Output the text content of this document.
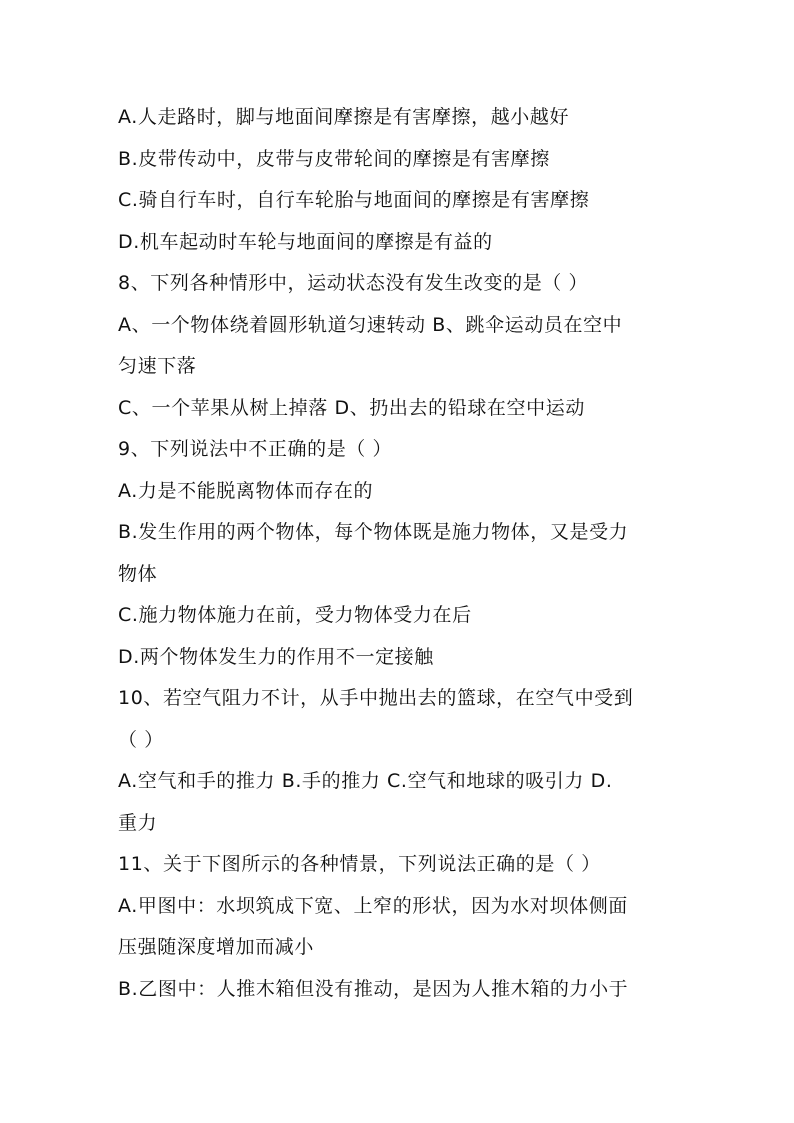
A.人走路时，脚与地面间摩擦是有害摩擦，越小越好
B.皮带传动中，皮带与皮带轮间的摩擦是有害摩擦
C.骑自行车时，自行车轮胎与地面间的摩擦是有害摩擦
D.机车起动时车轮与地面间的摩擦是有益的
8、下列各种情形中，运动状态没有发生改变的是（ ）
A、一个物体绕着圆形轨道匀速转动 B、跳伞运动员在空中
匀速下落
C、一个苹果从树上掉落 D、扔出去的铅球在空中运动
9、下列说法中不正确的是（ ）
A.力是不能脱离物体而存在的
B.发生作用的两个物体，每个物体既是施力物体，又是受力
物体
C.施力物体施力在前，受力物体受力在后
D.两个物体发生力的作用不一定接触
10、若空气阻力不计，从手中抛出去的篮球，在空气中受到
（ ）
A.空气和手的推力 B.手的推力 C.空气和地球的吸引力 D.
重力
11、关于下图所示的各种情景，下列说法正确的是（ ）
A.甲图中：水坝筑成下宽、上窄的形状，因为水对坝体侧面
压强随深度增加而减小
B.乙图中：人推木箱但没有推动，是因为人推木箱的力小于
